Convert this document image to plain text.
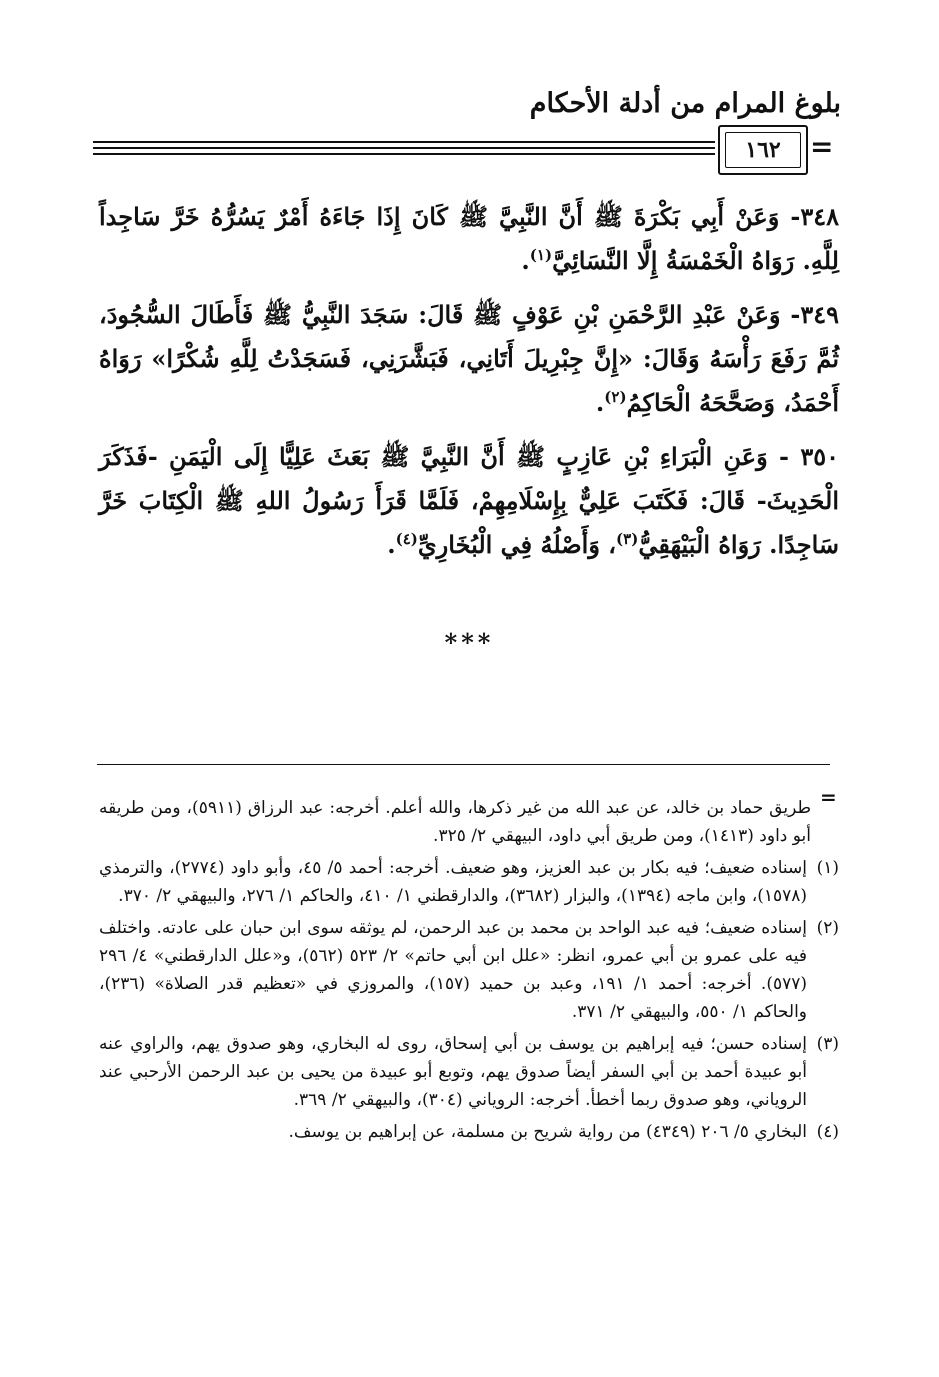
بلوغ المرام من أدلة الأحكام
١٦٢	=

٣٤٨- وَعَنْ أَبِي بَكْرَةَ ﷺ أَنَّ النَّبِيَّ ﷺ كَانَ إِذَا جَاءَهُ أَمْرٌ يَسُرُّهُ خَرَّ سَاجِداً لِلَّهِ. رَوَاهُ الْخَمْسَةُ إِلَّا النَّسَائِيَّ$^{(١)}$.

٣٤٩- وَعَنْ عَبْدِ الرَّحْمَنِ بْنِ عَوْفٍ ﷺ قَالَ: سَجَدَ النَّبِيُّ ﷺ فَأَطَالَ السُّجُودَ، ثُمَّ رَفَعَ رَأْسَهُ وَقَالَ: «إِنَّ جِبْرِيلَ أَتَانِي، فَبَشَّرَنِي، فَسَجَدْتُ لِلَّهِ شُكْرًا» رَوَاهُ أَحْمَدُ، وَصَحَّحَهُ الْحَاكِمُ$^{(٢)}$.

٣٥٠ - وَعَنِ الْبَرَاءِ بْنِ عَازِبٍ ﷺ أَنَّ النَّبِيَّ ﷺ بَعَثَ عَلِيًّا إِلَى الْيَمَنِ -فَذَكَرَ الْحَدِيثَ- قَالَ: فَكَتَبَ عَلِيٌّ بِإِسْلَامِهِمْ، فَلَمَّا قَرَأَ رَسُولُ اللهِ ﷺ الْكِتَابَ خَرَّ سَاجِدًا. رَوَاهُ الْبَيْهَقِيُّ$^{(٣)}$، وَأَصْلُهُ فِي الْبُخَارِيِّ$^{(٤)}$.

***
=

طريق حماد بن خالد، عن عبد الله من غير ذكرها، والله أعلم. أخرجه: عبد الرزاق (٥٩١١)، ومن طريقه أبو داود (١٤١٣)، ومن طريق أبي داود، البيهقي ٢/ ٣٢٥.

(١)
إسناده ضعيف؛ فيه بكار بن عبد العزيز، وهو ضعيف. أخرجه: أحمد ٥/ ٤٥، وأبو داود (٢٧٧٤)، والترمذي (١٥٧٨)، وابن ماجه (١٣٩٤)، والبزار (٣٦٨٢)، والدارقطني ١/ ٤١٠، والحاكم ١/ ٢٧٦، والبيهقي ٢/ ٣٧٠.
(٢)
إسناده ضعيف؛ فيه عبد الواحد بن محمد بن عبد الرحمن، لم يوثقه سوى ابن حبان على عادته. واختلف فيه على عمرو بن أبي عمرو، انظر: «علل ابن أبي حاتم» ٢/ ٥٢٣ (٥٦٢)، و«علل الدارقطني» ٤/ ٢٩٦ (٥٧٧). أخرجه: أحمد ١/ ١٩١، وعبد بن حميد (١٥٧)، والمروزي في «تعظيم قدر الصلاة» (٢٣٦)، والحاكم ١/ ٥٥٠، والبيهقي ٢/ ٣٧١.
(٣)
إسناده حسن؛ فيه إبراهيم بن يوسف بن أبي إسحاق، روى له البخاري، وهو صدوق يهم، والراوي عنه أبو عبيدة أحمد بن أبي السفر أيضاً صدوق يهم، وتوبع أبو عبيدة من يحيى بن عبد الرحمن الأرحبي عند الروياني، وهو صدوق ربما أخطأ. أخرجه: الروياني (٣٠٤)، والبيهقي ٢/ ٣٦٩.
(٤)
البخاري ٥/ ٢٠٦ (٤٣٤٩) من رواية شريح بن مسلمة، عن إبراهيم بن يوسف.
